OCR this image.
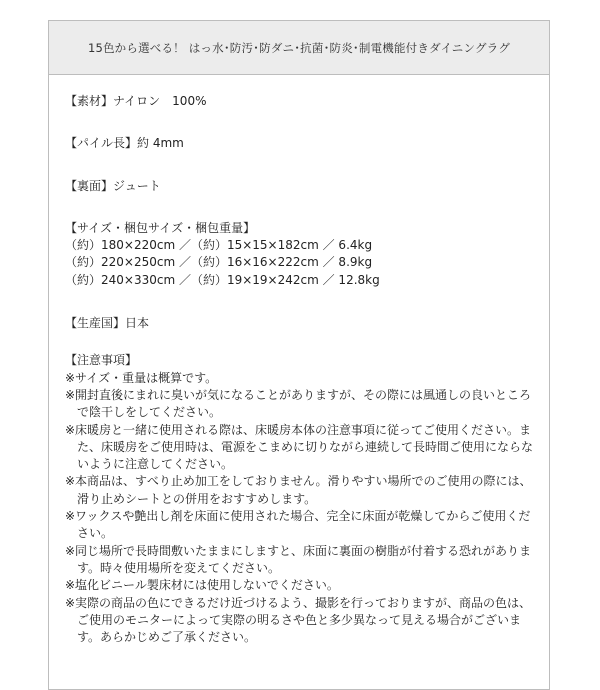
15色から選べる！ はっ水･防汚･防ダニ･抗菌･防炎･制電機能付きダイニングラグ
【素材】ナイロン　100%
【パイル長】約 4mm
【裏面】ジュート
【サイズ・梱包サイズ・梱包重量】
（約）180×220cm ／（約）15×15×182cm ／ 6.4kg
（約）220×250cm ／（約）16×16×222cm ／ 8.9kg
（約）240×330cm ／（約）19×19×242cm ／ 12.8kg
【生産国】日本
【注意事項】
※サイズ・重量は概算です。
※開封直後にまれに臭いが気になることがありますが、その際には風通しの良いところで陰干しをしてください。
※床暖房と一緒に使用される際は、床暖房本体の注意事項に従ってご使用ください。また、床暖房をご使用時は、電源をこまめに切りながら連続して長時間ご使用にならないように注意してください。
※本商品は、すべり止め加工をしておりません。滑りやすい場所でのご使用の際には、滑り止めシートとの併用をおすすめします。
※ワックスや艶出し剤を床面に使用された場合、完全に床面が乾燥してからご使用ください。
※同じ場所で長時間敷いたままにしますと、床面に裏面の樹脂が付着する恐れがあります。時々使用場所を変えてください。
※塩化ビニール製床材には使用しないでください。
※実際の商品の色にできるだけ近づけるよう、撮影を行っておりますが、商品の色は、ご使用のモニターによって実際の明るさや色と多少異なって見える場合がございます。あらかじめご了承ください。
